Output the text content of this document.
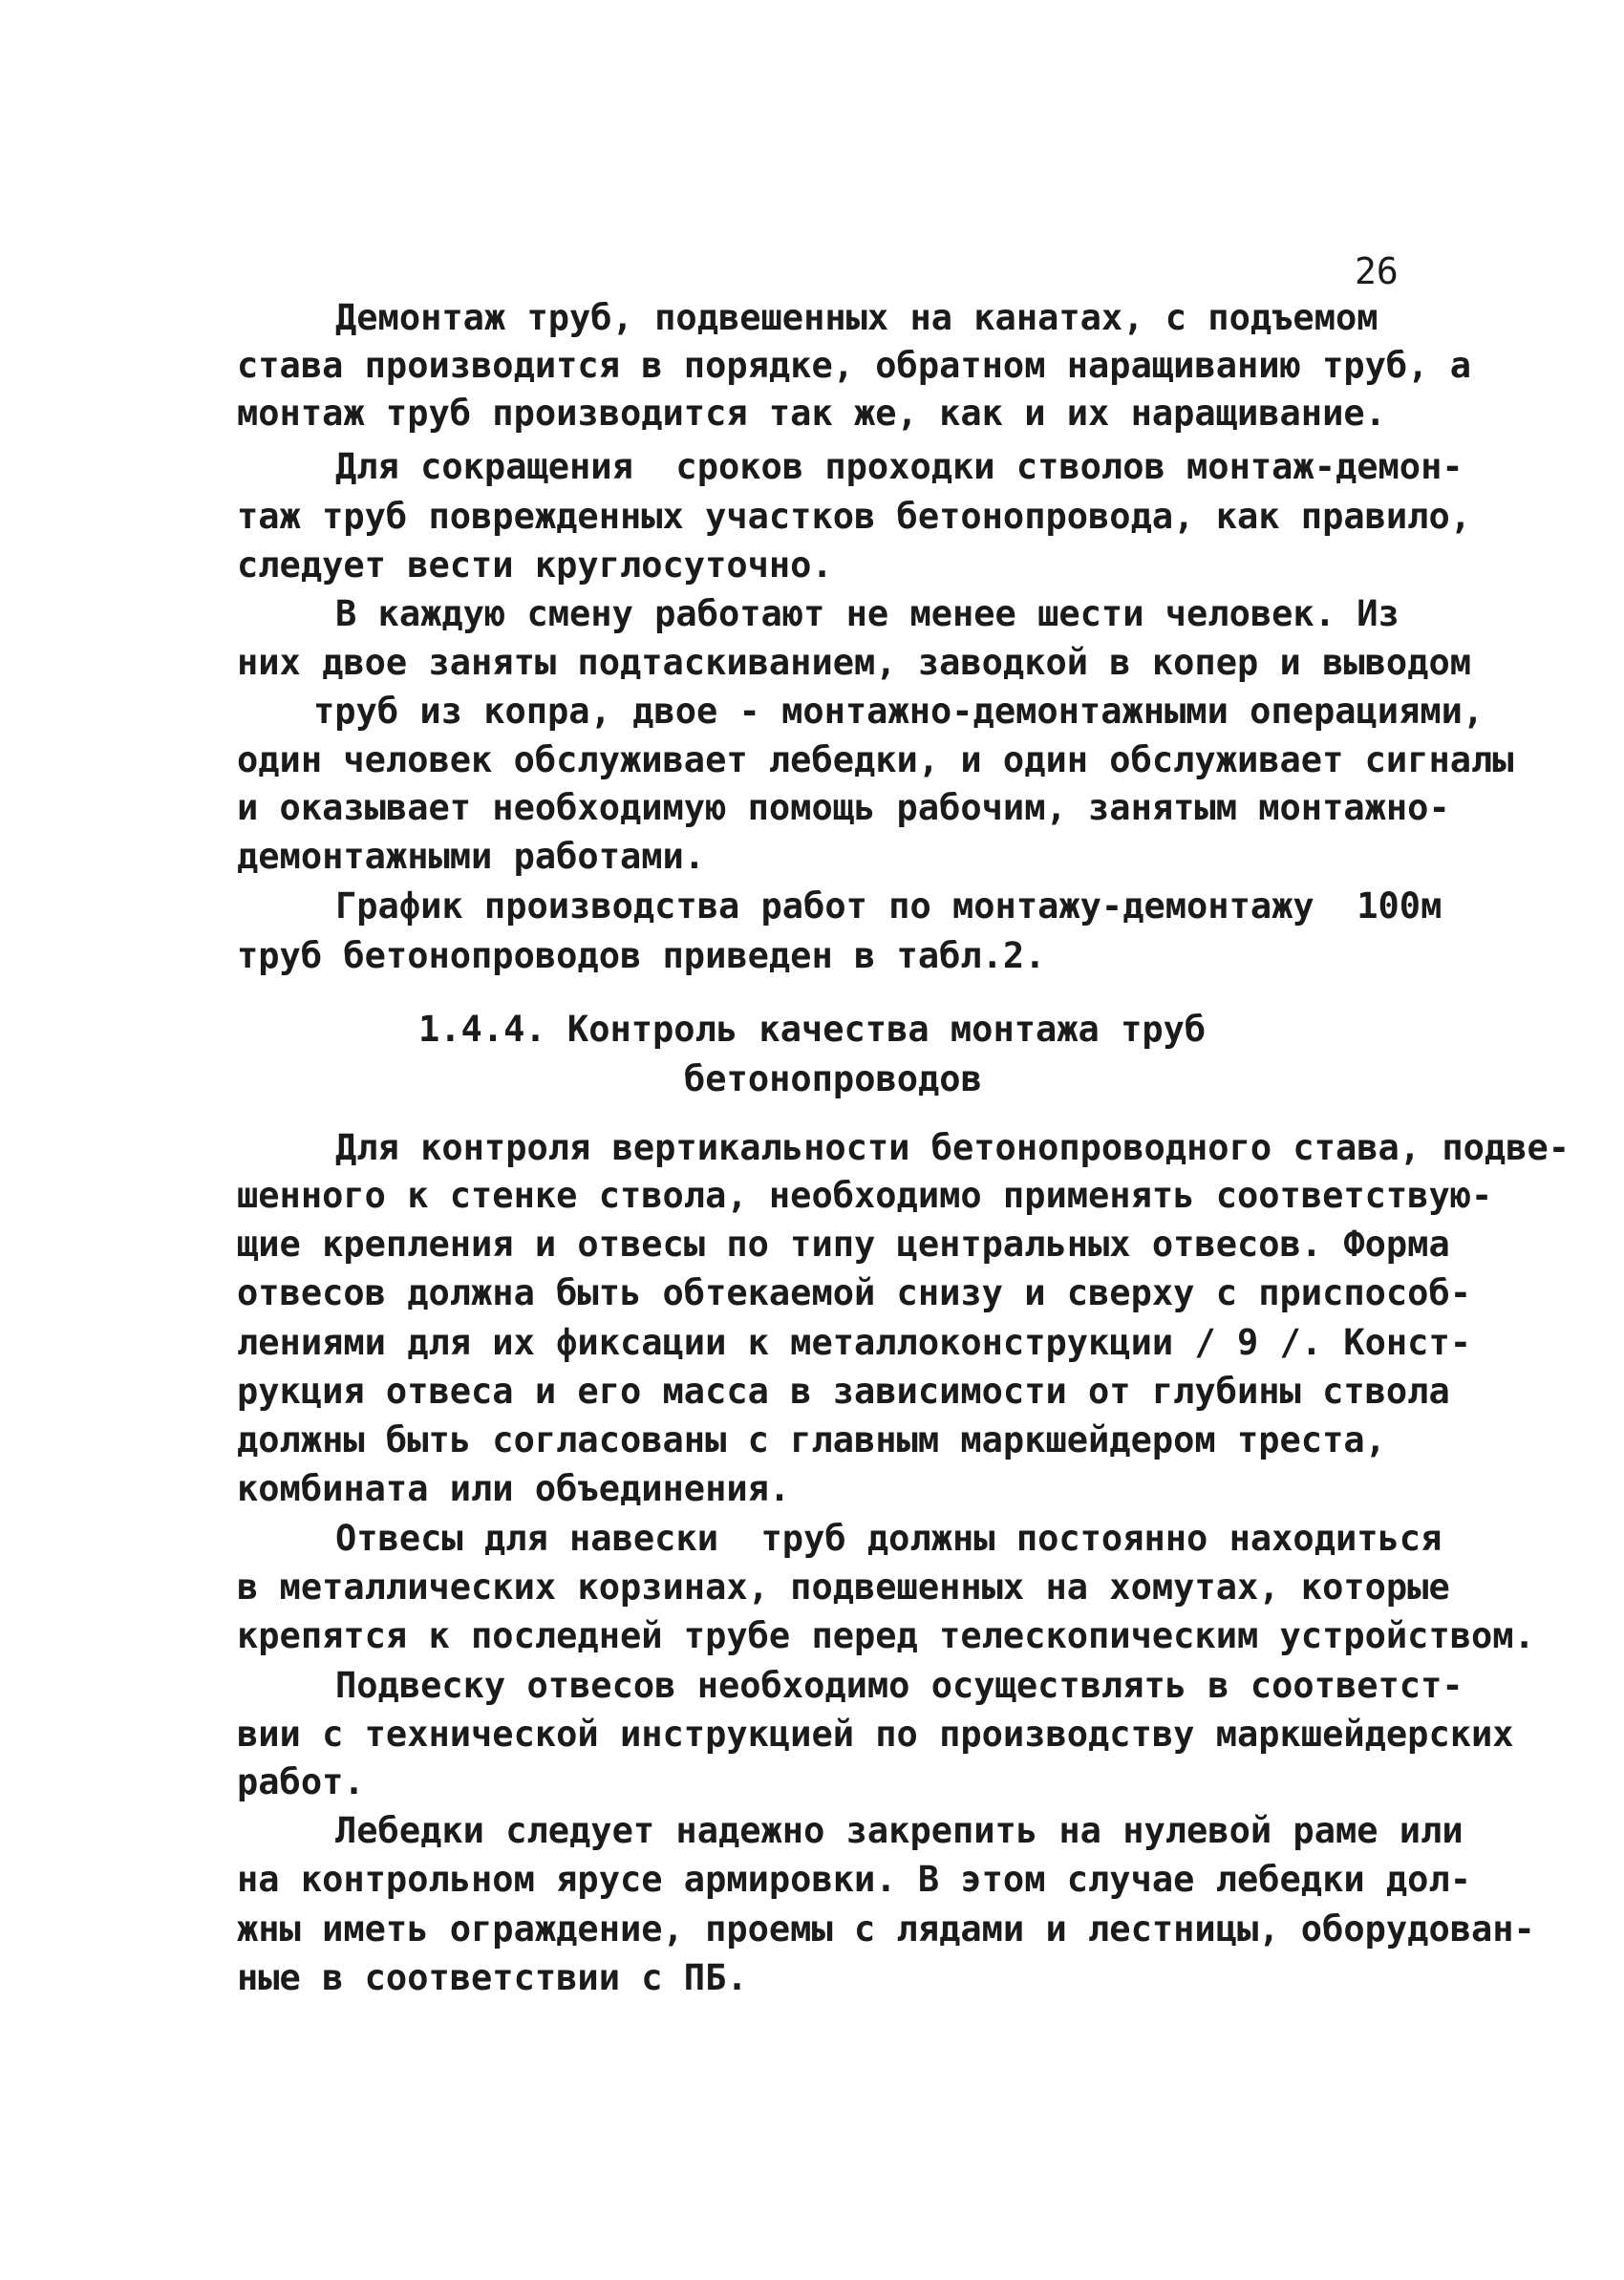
26
Демонтаж труб, подвешенных на канатах, с подъемом
става производится в порядке, обратном наращиванию труб, а
монтаж труб производится так же, как и их наращивание.
Для сокращения  сроков проходки стволов монтаж-демон-
таж труб поврежденных участков бетонопровода, как правило,
следует вести круглосуточно.
В каждую смену работают не менее шести человек. Из
них двое заняты подтаскиванием, заводкой в копер и выводом
труб из копра, двое - монтажно-демонтажными операциями,
один человек обслуживает лебедки, и один обслуживает сигналы
и оказывает необходимую помощь рабочим, занятым монтажно-
демонтажными работами.
График производства работ по монтажу-демонтажу  100м
труб бетонопроводов приведен в табл.2.
1.4.4. Контроль качества монтажа труб
бетонопроводов
Для контроля вертикальности бетонопроводного става, подве-
шенного к стенке ствола, необходимо применять соответствую-
щие крепления и отвесы по типу центральных отвесов. Форма
отвесов должна быть обтекаемой снизу и сверху с приспособ-
лениями для их фиксации к металлоконструкции / 9 /. Конст-
рукция отвеса и его масса в зависимости от глубины ствола
должны быть согласованы с главным маркшейдером треста,
комбината или объединения.
Отвесы для навески  труб должны постоянно находиться
в металлических корзинах, подвешенных на хомутах, которые
крепятся к последней трубе перед телескопическим устройством.
Подвеску отвесов необходимо осуществлять в соответст-
вии с технической инструкцией по производству маркшейдерских
работ.
Лебедки следует надежно закрепить на нулевой раме или
на контрольном ярусе армировки. В этом случае лебедки дол-
жны иметь ограждение, проемы с лядами и лестницы, оборудован-
ные в соответствии с ПБ.
